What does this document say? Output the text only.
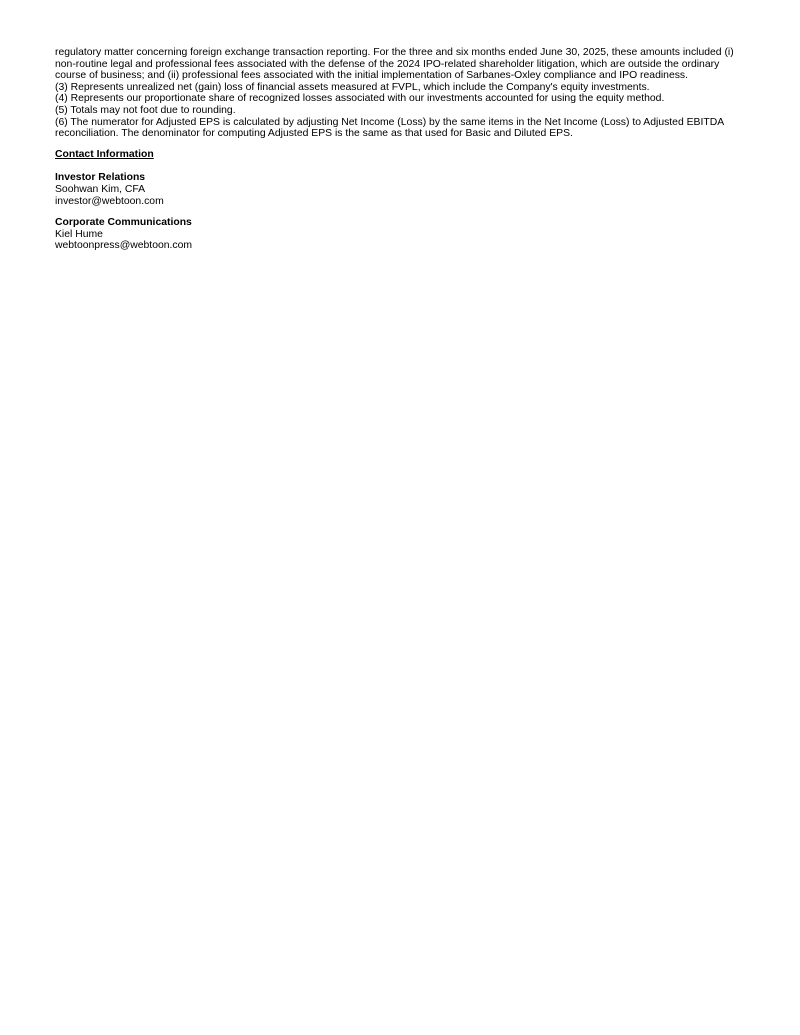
regulatory matter concerning foreign exchange transaction reporting. For the three and six months ended June 30, 2025, these amounts included (i) non-routine legal and professional fees associated with the defense of the 2024 IPO-related shareholder litigation, which are outside the ordinary course of business; and (ii) professional fees associated with the initial implementation of Sarbanes-Oxley compliance and IPO readiness.

(3) Represents unrealized net (gain) loss of financial assets measured at FVPL, which include the Company's equity investments.

(4) Represents our proportionate share of recognized losses associated with our investments accounted for using the equity method.

(5) Totals may not foot due to rounding.

(6) The numerator for Adjusted EPS is calculated by adjusting Net Income (Loss) by the same items in the Net Income (Loss) to Adjusted EBITDA reconciliation. The denominator for computing Adjusted EPS is the same as that used for Basic and Diluted EPS.

Contact Information
Investor Relations
Soohwan Kim, CFA
investor@webtoon.com
Corporate Communications
Kiel Hume
webtoonpress@webtoon.com
